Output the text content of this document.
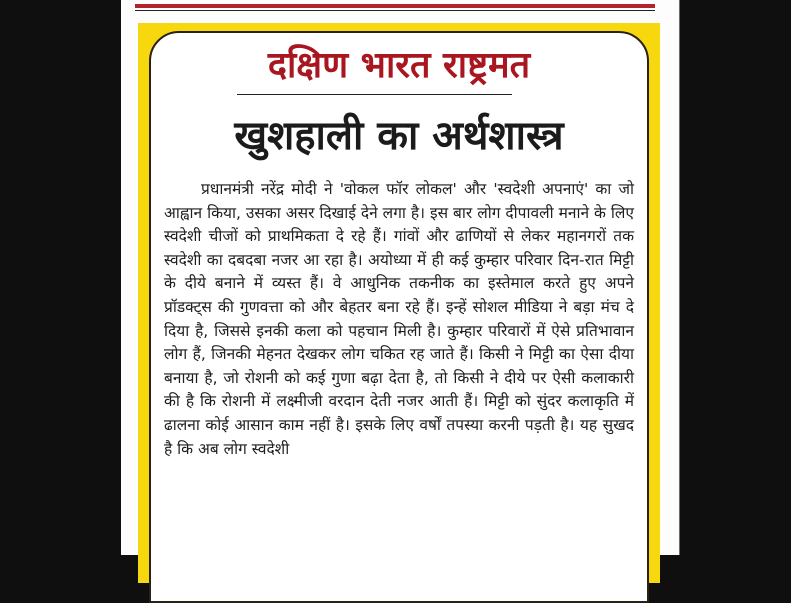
दक्षिण भारत राष्ट्रमत
खुशहाली का अर्थशास्त्र

प्रधानमंत्री नरेंद्र मोदी ने 'वोकल फॉर लोकल' और 'स्वदेशी अपनाएं' का जो आह्वान किया, उसका असर दिखाई देने लगा है। इस बार लोग दीपावली मनाने के लिए स्वदेशी चीजों को प्राथमिकता दे रहे हैं। गांवों और ढाणियों से लेकर महानगरों तक स्वदेशी का दबदबा नजर आ रहा है। अयोध्या में ही कई कुम्हार परिवार दिन-रात मिट्टी के दीये बनाने में व्यस्त हैं। वे आधुनिक तकनीक का इस्तेमाल करते हुए अपने प्रॉडक्ट्स की गुणवत्ता को और बेहतर बना रहे हैं। इन्हें सोशल मीडिया ने बड़ा मंच दे दिया है, जिससे इनकी कला को पहचान मिली है। कुम्हार परिवारों में ऐसे प्रतिभावान लोग हैं, जिनकी मेहनत देखकर लोग चकित रह जाते हैं। किसी ने मिट्टी का ऐसा दीया बनाया है, जो रोशनी को कई गुणा बढ़ा देता है, तो किसी ने दीये पर ऐसी कलाकारी की है कि रोशनी में लक्ष्मीजी वरदान देती नजर आती हैं। मिट्टी को सुंदर कलाकृति में ढालना कोई आसान काम नहीं है। इसके लिए वर्षों तपस्या करनी पड़ती है। यह सुखद है कि अब लोग स्वदेशी
